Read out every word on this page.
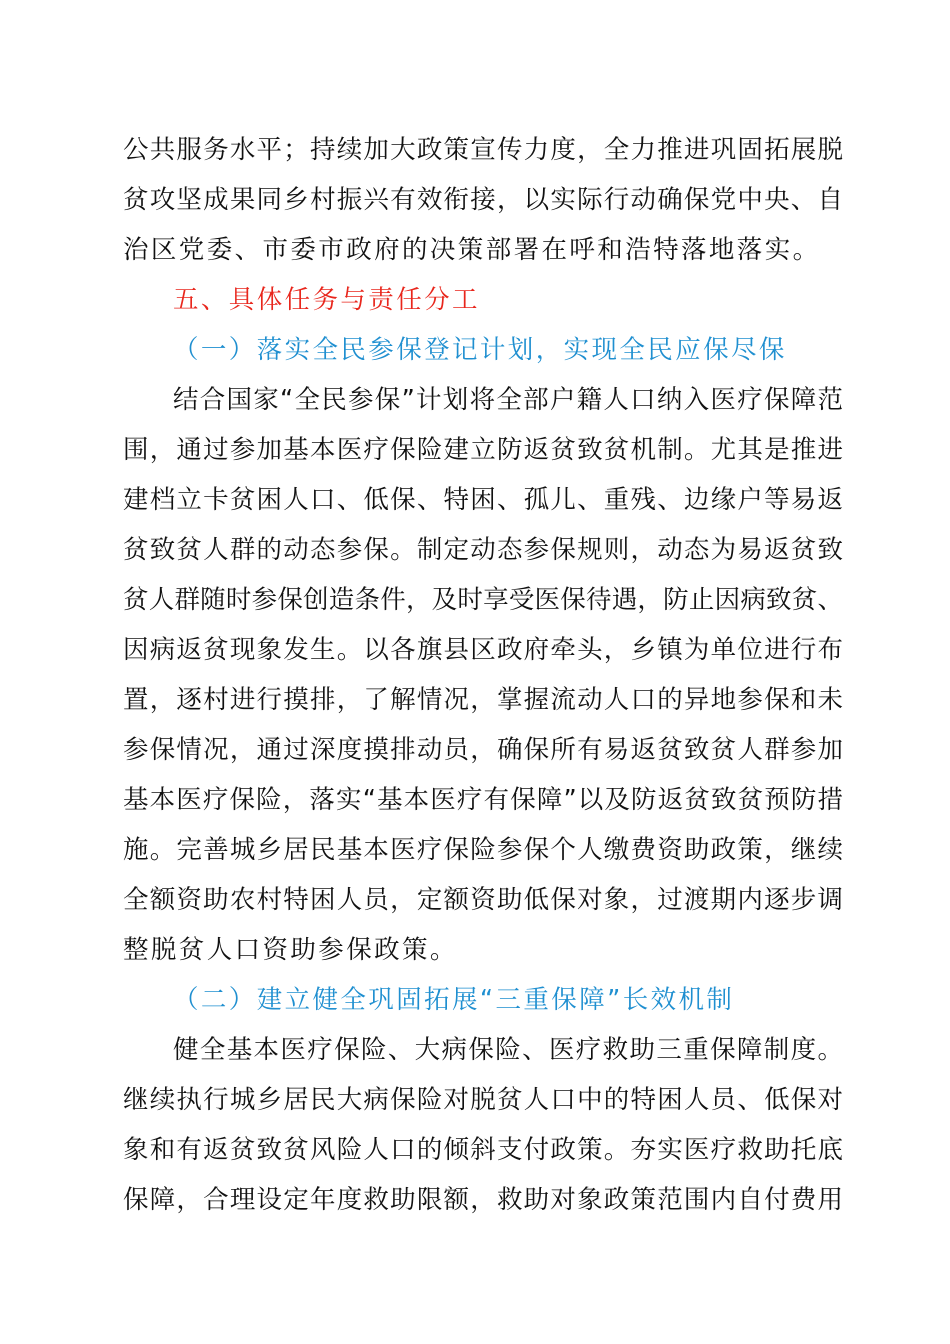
公共服务水平；持续加大政策宣传力度，全力推进巩固拓展脱
贫攻坚成果同乡村振兴有效衔接，以实际行动确保党中央、自
治区党委、市委市政府的决策部署在呼和浩特落地落实。
五、具体任务与责任分工
（一）落实全民参保登记计划，实现全民应保尽保
结合国家“全民参保”计划将全部户籍人口纳入医疗保障范
围，通过参加基本医疗保险建立防返贫致贫机制。尤其是推进
建档立卡贫困人口、低保、特困、孤儿、重残、边缘户等易返
贫致贫人群的动态参保。制定动态参保规则，动态为易返贫致
贫人群随时参保创造条件，及时享受医保待遇，防止因病致贫、
因病返贫现象发生。以各旗县区政府牵头，乡镇为单位进行布
置，逐村进行摸排，了解情况，掌握流动人口的异地参保和未
参保情况，通过深度摸排动员，确保所有易返贫致贫人群参加
基本医疗保险，落实“基本医疗有保障”以及防返贫致贫预防措
施。完善城乡居民基本医疗保险参保个人缴费资助政策，继续
全额资助农村特困人员，定额资助低保对象，过渡期内逐步调
整脱贫人口资助参保政策。
（二）建立健全巩固拓展“三重保障”长效机制
健全基本医疗保险、大病保险、医疗救助三重保障制度。
继续执行城乡居民大病保险对脱贫人口中的特困人员、低保对
象和有返贫致贫风险人口的倾斜支付政策。夯实医疗救助托底
保障，合理设定年度救助限额，救助对象政策范围内自付费用
